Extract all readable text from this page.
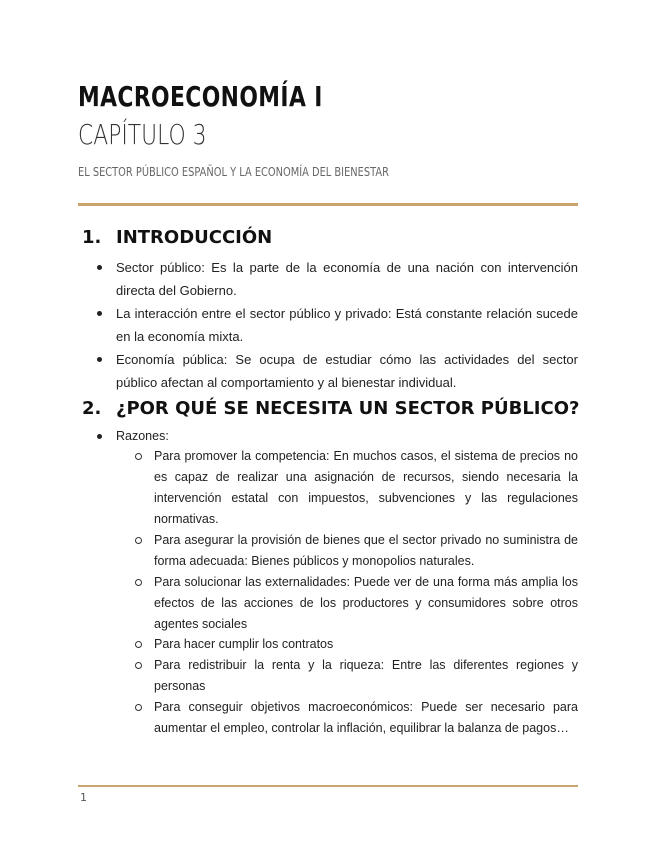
MACROECONOMÍA I
CAPÍTULO 3
EL SECTOR PÚBLICO ESPAÑOL Y LA ECONOMÍA DEL BIENESTAR
1. INTRODUCCIÓN
Sector público: Es la parte de la economía de una nación con intervención directa del Gobierno.
La interacción entre el sector público y privado: Está constante relación sucede en la economía mixta.
Economía pública: Se ocupa de estudiar cómo las actividades del sector público afectan al comportamiento y al bienestar individual.
2. ¿POR QUÉ SE NECESITA UN SECTOR PÚBLICO?
Razones:
Para promover la competencia: En muchos casos, el sistema de precios no es capaz de realizar una asignación de recursos, siendo necesaria la intervención estatal con impuestos, subvenciones y las regulaciones normativas.
Para asegurar la provisión de bienes que el sector privado no suministra de forma adecuada: Bienes públicos y monopolios naturales.
Para solucionar las externalidades: Puede ver de una forma más amplia los efectos de las acciones de los productores y consumidores sobre otros agentes sociales
Para hacer cumplir los contratos
Para redistribuir la renta y la riqueza: Entre las diferentes regiones y personas
Para conseguir objetivos macroeconómicos: Puede ser necesario para aumentar el empleo, controlar la inflación, equilibrar la balanza de pagos…
1
